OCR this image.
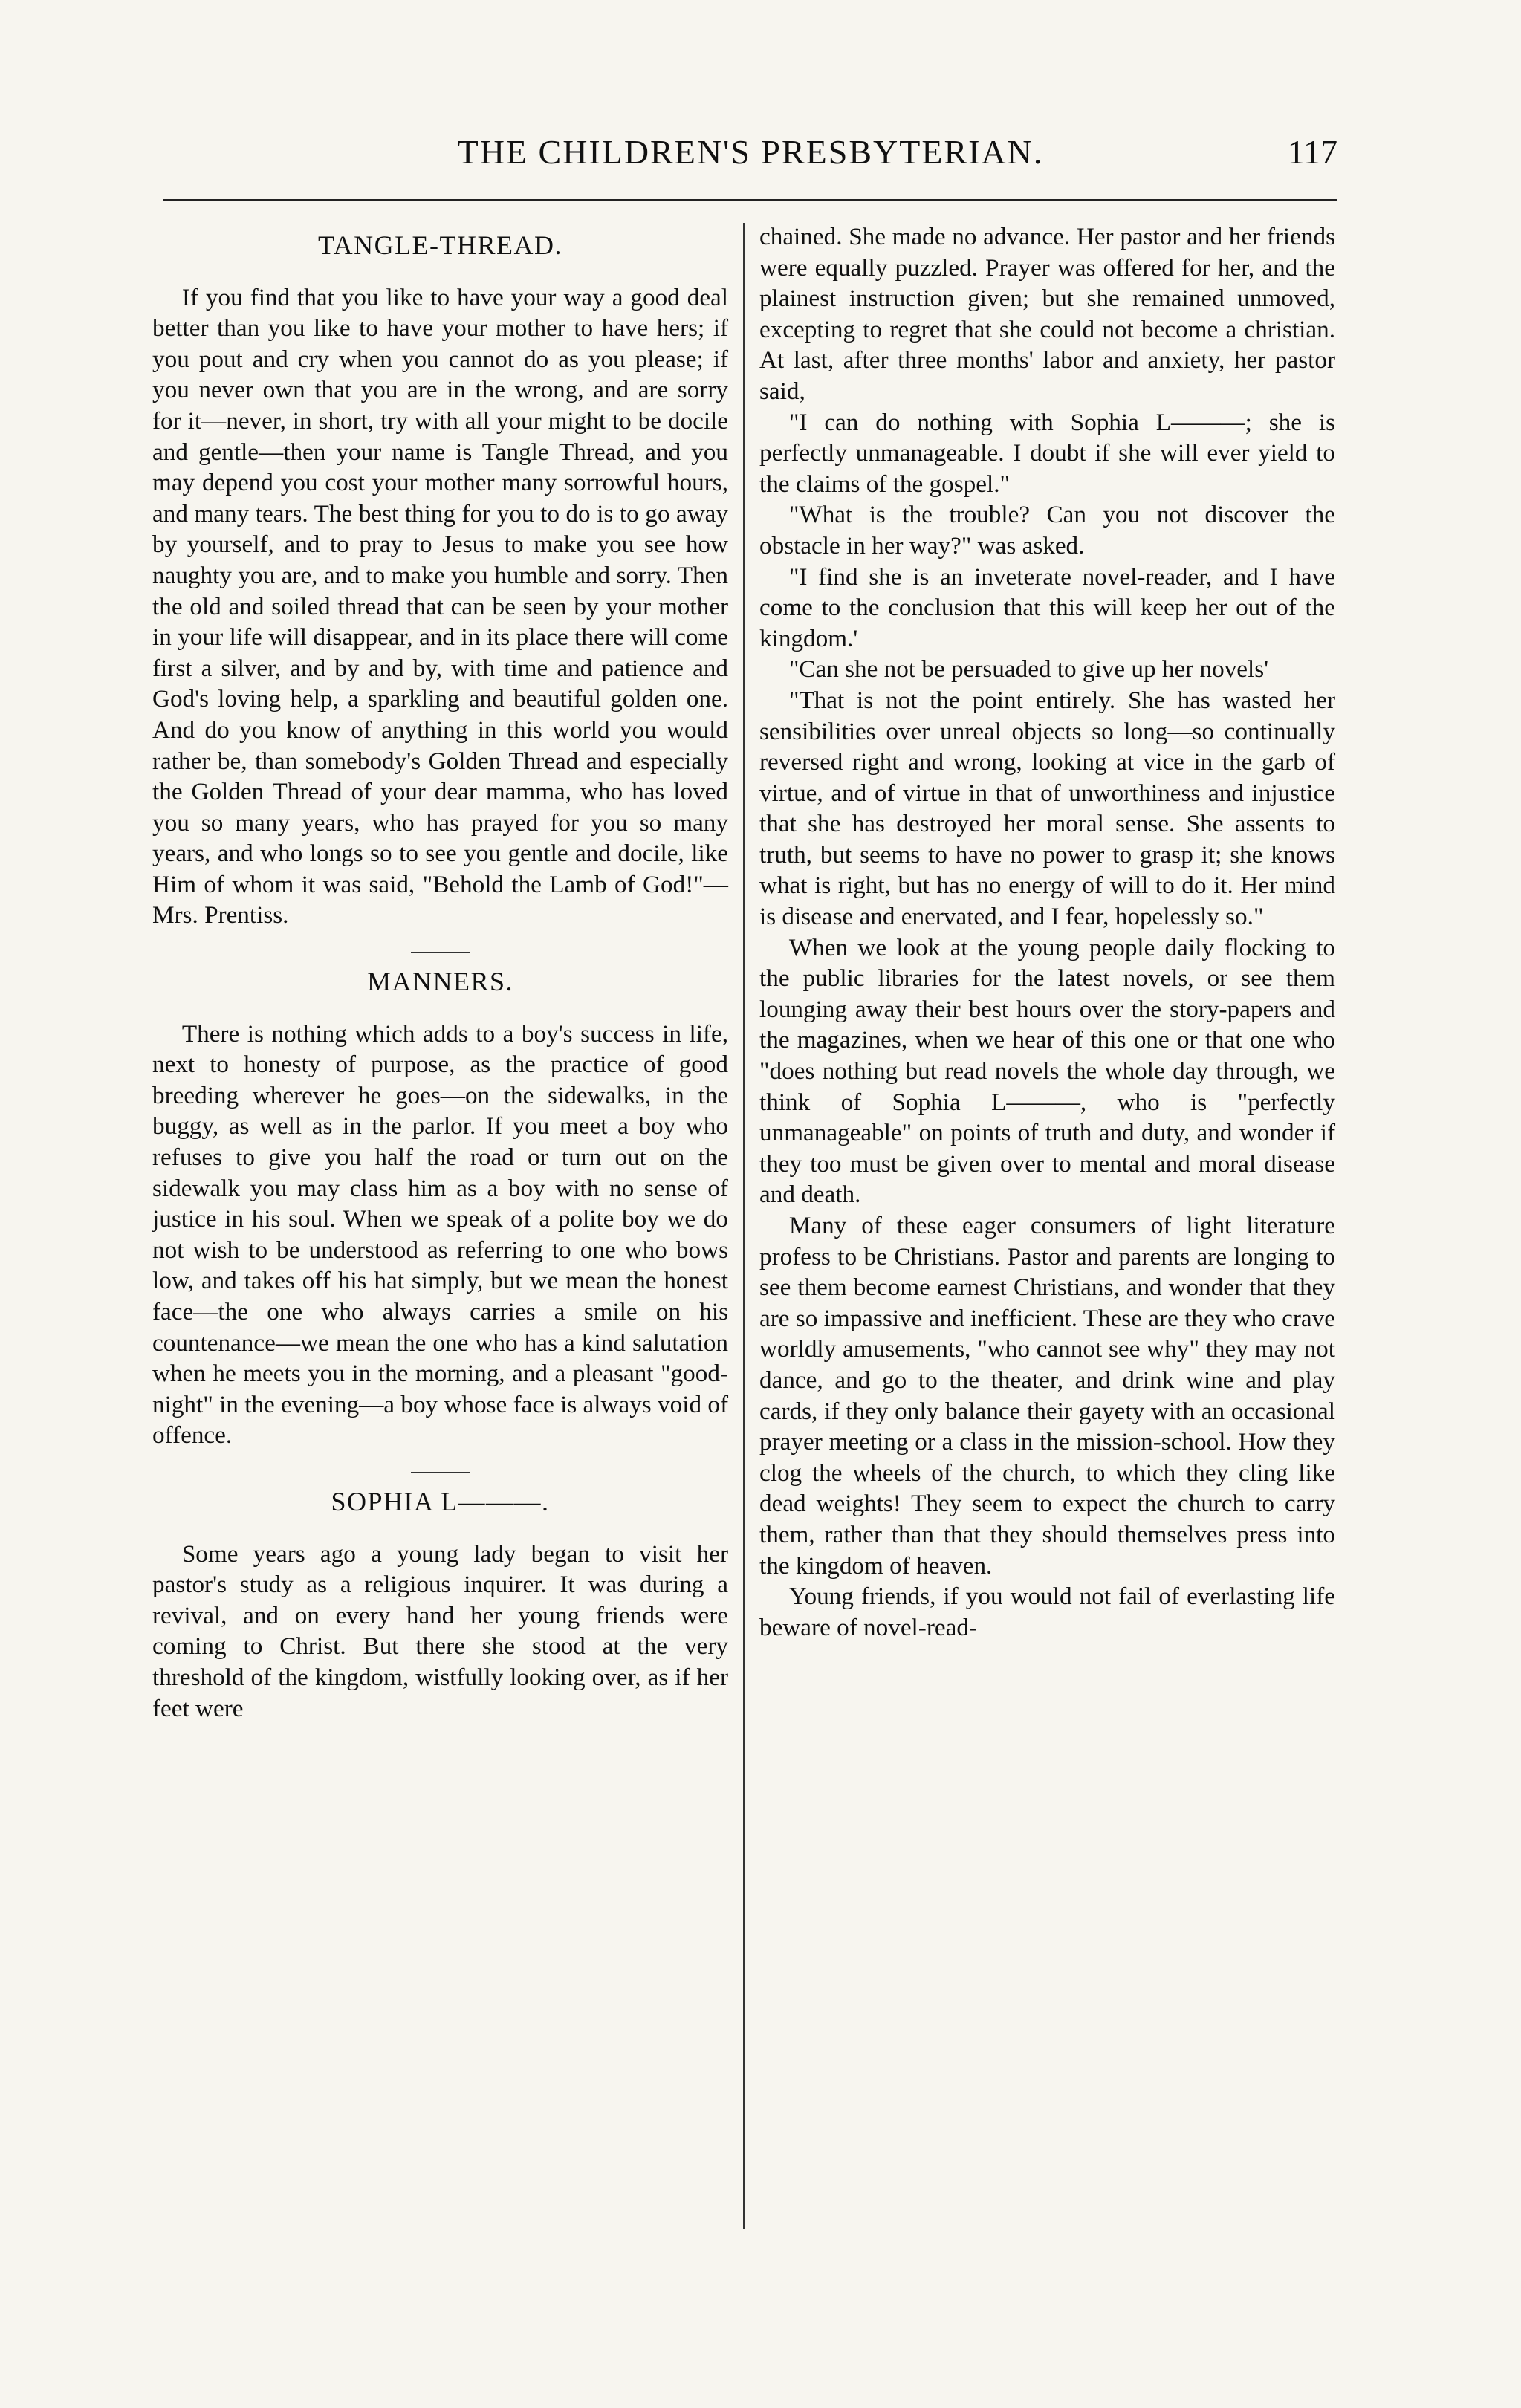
THE CHILDREN'S PRESBYTERIAN.	117
TANGLE-THREAD.

If you find that you like to have your way a good deal better than you like to have your mother to have hers; if you pout and cry when you cannot do as you please; if you never own that you are in the wrong, and are sorry for it—never, in short, try with all your might to be docile and gentle—then your name is Tangle Thread, and you may depend you cost your mother many sorrowful hours, and many tears. The best thing for you to do is to go away by yourself, and to pray to Jesus to make you see how naughty you are, and to make you humble and sorry. Then the old and soiled thread that can be seen by your mother in your life will disappear, and in its place there will come first a silver, and by and by, with time and patience and God's loving help, a sparkling and beautiful golden one. And do you know of anything in this world you would rather be, than somebody's Golden Thread and especially the Golden Thread of your dear mamma, who has loved you so many years, who has prayed for you so many years, and who longs so to see you gentle and docile, like Him of whom it was said, "Behold the Lamb of God!"—Mrs. Prentiss.

MANNERS.

There is nothing which adds to a boy's success in life, next to honesty of purpose, as the practice of good breeding wherever he goes—on the sidewalks, in the buggy, as well as in the parlor. If you meet a boy who refuses to give you half the road or turn out on the sidewalk you may class him as a boy with no sense of justice in his soul. When we speak of a polite boy we do not wish to be understood as referring to one who bows low, and takes off his hat simply, but we mean the honest face—the one who always carries a smile on his countenance—we mean the one who has a kind salutation when he meets you in the morning, and a pleasant "good-night" in the evening—a boy whose face is always void of offence.

SOPHIA L———.

Some years ago a young lady began to visit her pastor's study as a religious inquirer. It was during a revival, and on every hand her young friends were coming to Christ. But there she stood at the very threshold of the kingdom, wistfully looking over, as if her feet were

chained. She made no advance. Her pastor and her friends were equally puzzled. Prayer was offered for her, and the plainest instruction given; but she remained unmoved, excepting to regret that she could not become a christian. At last, after three months' labor and anxiety, her pastor said,

"I can do nothing with Sophia L———; she is perfectly unmanageable. I doubt if she will ever yield to the claims of the gospel."

"What is the trouble? Can you not discover the obstacle in her way?" was asked.

"I find she is an inveterate novel-reader, and I have come to the conclusion that this will keep her out of the kingdom.'

"Can she not be persuaded to give up her novels'

"That is not the point entirely. She has wasted her sensibilities over unreal objects so long—so continually reversed right and wrong, looking at vice in the garb of virtue, and of virtue in that of unworthiness and injustice that she has destroyed her moral sense. She assents to truth, but seems to have no power to grasp it; she knows what is right, but has no energy of will to do it. Her mind is disease and enervated, and I fear, hopelessly so."

When we look at the young people daily flocking to the public libraries for the latest novels, or see them lounging away their best hours over the story-papers and the magazines, when we hear of this one or that one who "does nothing but read novels the whole day through, we think of Sophia L———, who is "perfectly unmanageable" on points of truth and duty, and wonder if they too must be given over to mental and moral disease and death.

Many of these eager consumers of light literature profess to be Christians. Pastor and parents are longing to see them become earnest Christians, and wonder that they are so impassive and inefficient. These are they who crave worldly amusements, "who cannot see why" they may not dance, and go to the theater, and drink wine and play cards, if they only balance their gayety with an occasional prayer meeting or a class in the mission-school. How they clog the wheels of the church, to which they cling like dead weights! They seem to expect the church to carry them, rather than that they should themselves press into the kingdom of heaven.

Young friends, if you would not fail of everlasting life beware of novel-read-
